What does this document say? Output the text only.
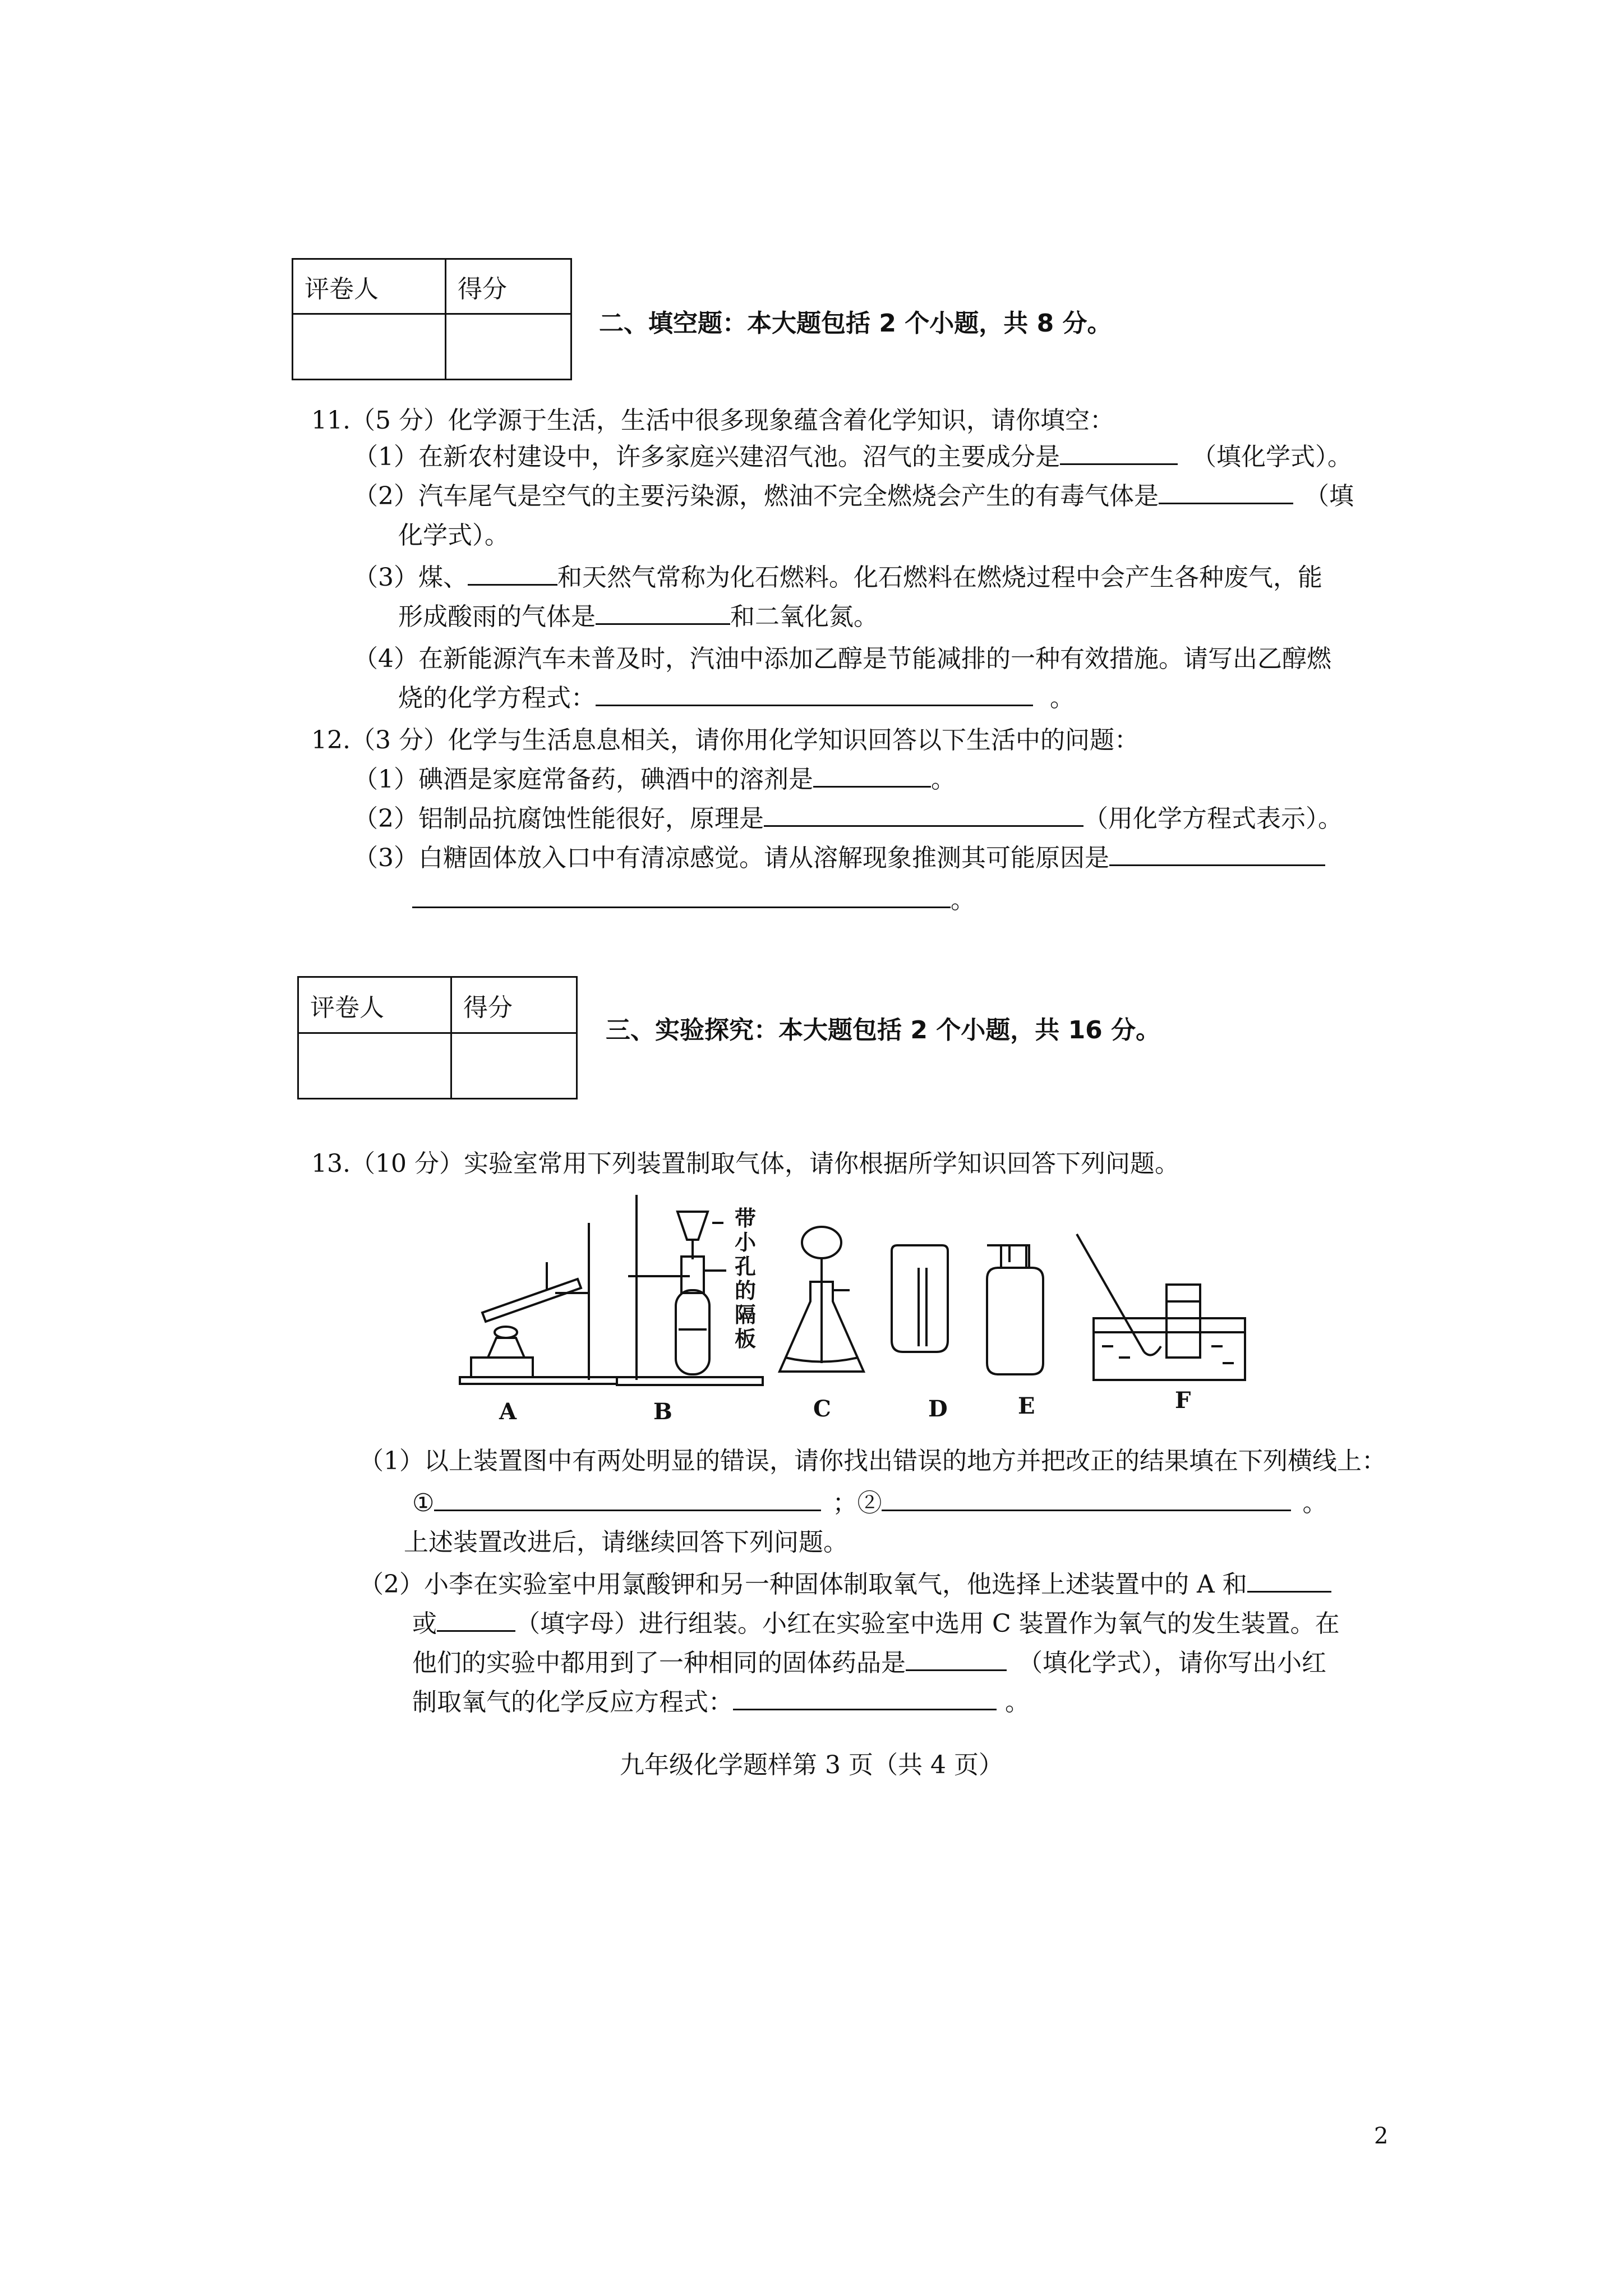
评卷人	得分

二、填空题：本大题包括 2 个小题，共 8 分。
11.（5 分）化学源于生活，生活中很多现象蕴含着化学知识，请你填空：
（1）在新农村建设中，许多家庭兴建沼气池。沼气的主要成分是	（填化学式）。
（2）汽车尾气是空气的主要污染源，燃油不完全燃烧会产生的有毒气体是	（填
化学式）。
（3）煤、	和天然气常称为化石燃料。化石燃料在燃烧过程中会产生各种废气，能
形成酸雨的气体是	和二氧化氮。
（4）在新能源汽车未普及时，汽油中添加乙醇是节能减排的一种有效措施。请写出乙醇燃
烧的化学方程式：	。
12.（3 分）化学与生活息息相关，请你用化学知识回答以下生活中的问题：
（1）碘酒是家庭常备药，碘酒中的溶剂是	。
（2）铝制品抗腐蚀性能很好，原理是	（用化学方程式表示）。
（3）白糖固体放入口中有清凉感觉。请从溶解现象推测其可能原因是
。
评卷人	得分

三、实验探究：本大题包括 2 个小题，共 16 分。
13.（10 分）实验室常用下列装置制取气体，请你根据所学知识回答下列问题。
A	B	C	D	E	F
带
小
孔
的
隔
板
（1）以上装置图中有两处明显的错误，请你找出错误的地方并把改正的结果填在下列横线上：
①	；②	。
上述装置改进后，请继续回答下列问题。
（2）小李在实验室中用氯酸钾和另一种固体制取氧气，他选择上述装置中的 A 和
或	（填字母）进行组装。小红在实验室中选用 C 装置作为氧气的发生装置。在
他们的实验中都用到了一种相同的固体药品是	（填化学式），请你写出小红
制取氧气的化学反应方程式：	。
九年级化学题样第 3 页（共 4 页）
2
